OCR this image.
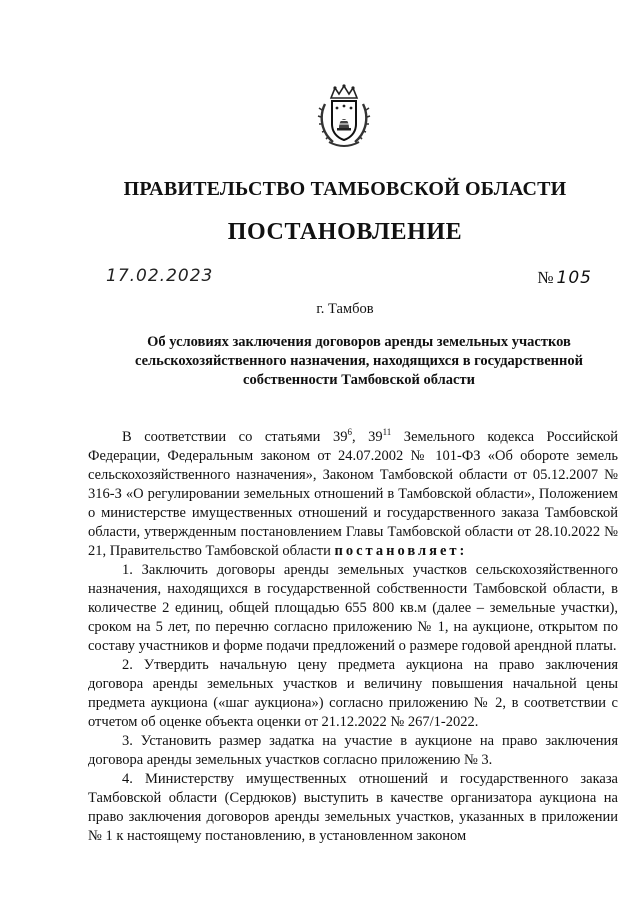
ПРАВИТЕЛЬСТВО ТАМБОВСКОЙ ОБЛАСТИ
ПОСТАНОВЛЕНИЕ
17.02.2023	№ 105
г. Тамбов
Об условиях заключения договоров аренды земельных участков сельскохозяйственного назначения, находящихся в государственной собственности Тамбовской области

В соответствии со статьями $39^6$, $39^{11}$ Земельного кодекса Российской Федерации, Федеральным законом от 24.07.2002 № 101-ФЗ «Об обороте земель сельскохозяйственного назначения», Законом Тамбовской области от 05.12.2007 № 316-З «О регулировании земельных отношений в Тамбовской области», Положением о министерстве имущественных отношений и государственного заказа Тамбовской области, утвержденным постановлением Главы Тамбовской области от 28.10.2022 № 21, Правительство Тамбовской области постановляет:

1. Заключить договоры аренды земельных участков сельскохозяйственного назначения, находящихся в государственной собственности Тамбовской области, в количестве 2 единиц, общей площадью 655 800 кв.м (далее – земельные участки), сроком на 5 лет, по перечню согласно приложению № 1, на аукционе, открытом по составу участников и форме подачи предложений о размере годовой арендной платы.

2. Утвердить начальную цену предмета аукциона на право заключения договора аренды земельных участков и величину повышения начальной цены предмета аукциона («шаг аукциона») согласно приложению № 2, в соответствии с отчетом об оценке объекта оценки от 21.12.2022 № 267/1-2022.

3. Установить размер задатка на участие в аукционе на право заключения договора аренды земельных участков согласно приложению № 3.

4. Министерству имущественных отношений и государственного заказа Тамбовской области (Сердюков) выступить в качестве организатора аукциона на право заключения договоров аренды земельных участков, указанных в приложении № 1 к настоящему постановлению, в установленном законом
